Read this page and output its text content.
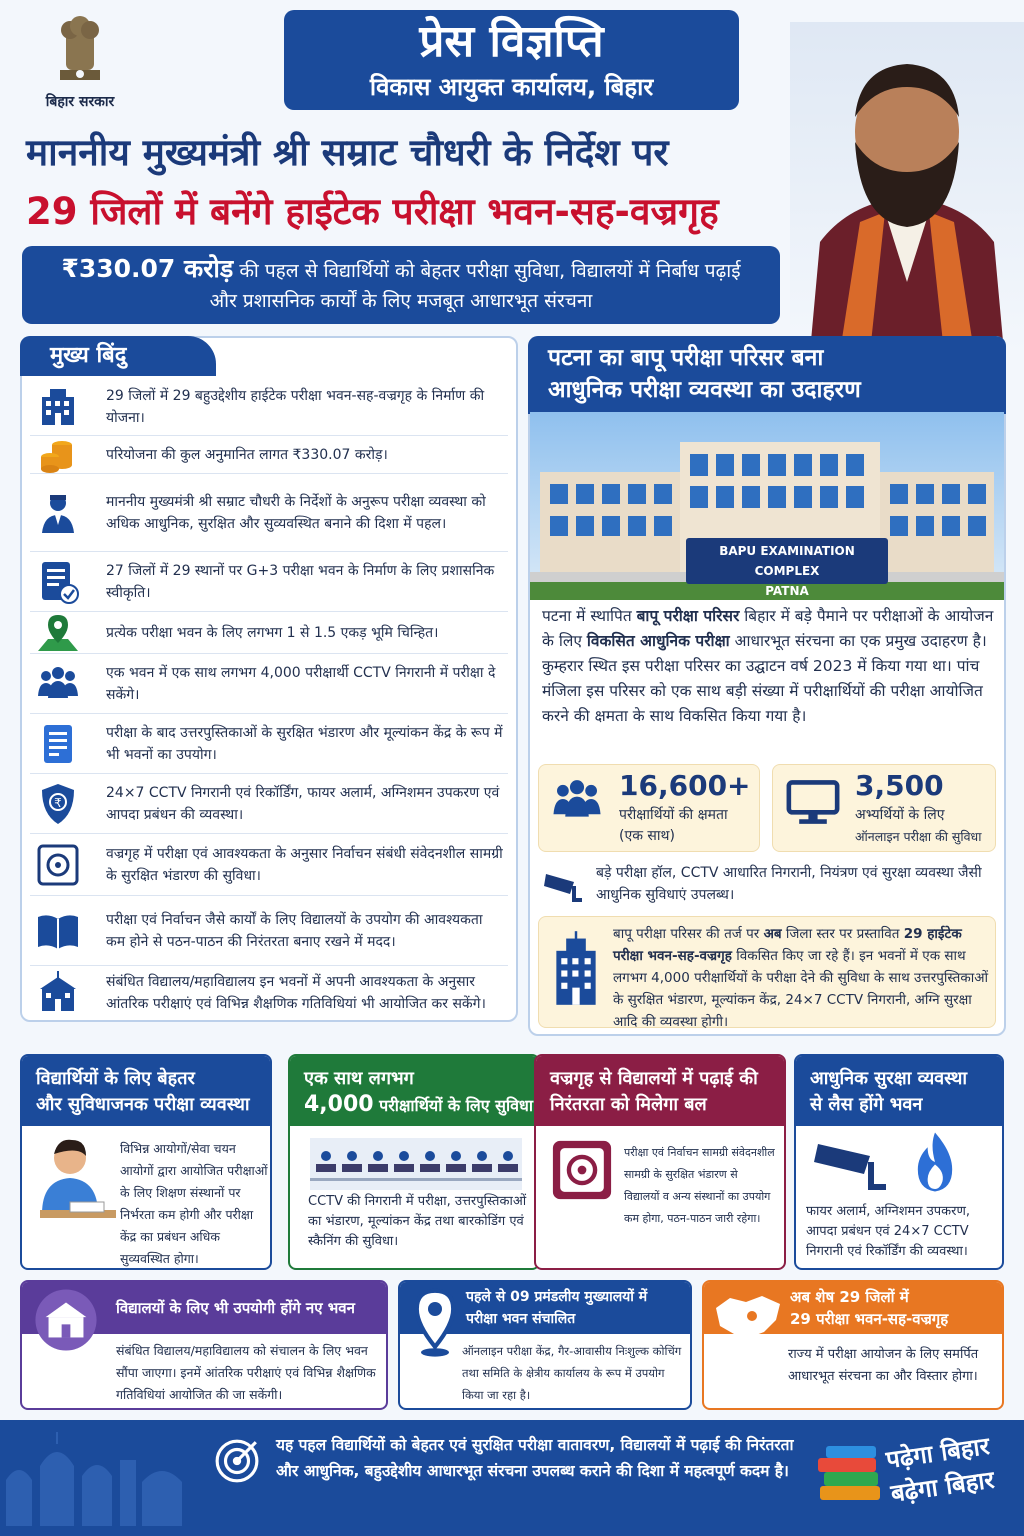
बिहार सरकार
प्रेस विज्ञप्ति
विकास आयुक्त कार्यालय, बिहार
माननीय मुख्यमंत्री श्री सम्राट चौधरी के निर्देश पर
29 जिलों में बनेंगे हाईटेक परीक्षा भवन-सह-वज्रगृह
₹330.07 करोड़ की पहल से विद्यार्थियों को बेहतर परीक्षा सुविधा, विद्यालयों में निर्बाध पढ़ाई
और प्रशासनिक कार्यों के लिए मजबूत आधारभूत संरचना
मुख्य बिंदु
29 जिलों में 29 बहुउद्देशीय हाईटेक परीक्षा भवन-सह-वज्रगृह के निर्माण की योजना।
परियोजना की कुल अनुमानित लागत ₹330.07 करोड़।
माननीय मुख्यमंत्री श्री सम्राट चौधरी के निर्देशों के अनुरूप परीक्षा व्यवस्था को अधिक आधुनिक, सुरक्षित और सुव्यवस्थित बनाने की दिशा में पहल।
27 जिलों में 29 स्थानों पर G+3 परीक्षा भवन के निर्माण के लिए प्रशासनिक स्वीकृति।
प्रत्येक परीक्षा भवन के लिए लगभग 1 से 1.5 एकड़ भूमि चिन्हित।
एक भवन में एक साथ लगभग 4,000 परीक्षार्थी CCTV निगरानी में परीक्षा दे सकेंगे।
परीक्षा के बाद उत्तरपुस्तिकाओं के सुरक्षित भंडारण और मूल्यांकन केंद्र के रूप में भी भवनों का उपयोग।
₹
24×7 CCTV निगरानी एवं रिकॉर्डिंग, फायर अलार्म, अग्निशमन उपकरण एवं आपदा प्रबंधन की व्यवस्था।
वज्रगृह में परीक्षा एवं आवश्यकता के अनुसार निर्वाचन संबंधी संवेदनशील सामग्री के सुरक्षित भंडारण की सुविधा।
परीक्षा एवं निर्वाचन जैसे कार्यों के लिए विद्यालयों के उपयोग की आवश्यकता कम होने से पठन-पाठन की निरंतरता बनाए रखने में मदद।
संबंधित विद्यालय/महाविद्यालय इन भवनों में अपनी आवश्यकता के अनुसार आंतरिक परीक्षाएं एवं विभिन्न शैक्षणिक गतिविधियां भी आयोजित कर सकेंगे।
पटना का बापू परीक्षा परिसर बना
आधुनिक परीक्षा व्यवस्था का उदाहरण
BAPU EXAMINATION COMPLEX
PATNA
पटना में स्थापित बापू परीक्षा परिसर बिहार में बड़े पैमाने पर परीक्षाओं के आयोजन के लिए विकसित आधुनिक परीक्षा आधारभूत संरचना का एक प्रमुख उदाहरण है। कुम्हरार स्थित इस परीक्षा परिसर का उद्घाटन वर्ष 2023 में किया गया था। पांच मंजिला इस परिसर को एक साथ बड़ी संख्या में परीक्षार्थियों की परीक्षा आयोजित करने की क्षमता के साथ विकसित किया गया है।
16,600+
परीक्षार्थियों की क्षमता
(एक साथ)
3,500
अभ्यर्थियों के लिए
ऑनलाइन परीक्षा की सुविधा
बड़े परीक्षा हॉल, CCTV आधारित निगरानी, नियंत्रण एवं सुरक्षा व्यवस्था जैसी आधुनिक सुविधाएं उपलब्ध।
बापू परीक्षा परिसर की तर्ज पर अब जिला स्तर पर प्रस्तावित 29 हाईटेक परीक्षा भवन-सह-वज्रगृह विकसित किए जा रहे हैं। इन भवनों में एक साथ लगभग 4,000 परीक्षार्थियों के परीक्षा देने की सुविधा के साथ उत्तरपुस्तिकाओं के सुरक्षित भंडारण, मूल्यांकन केंद्र, 24×7 CCTV निगरानी, अग्नि सुरक्षा आदि की व्यवस्था होगी।
विद्यार्थियों के लिए बेहतर
और सुविधाजनक परीक्षा व्यवस्था
विभिन्न आयोगों/सेवा चयन आयोगों द्वारा आयोजित परीक्षाओं के लिए शिक्षण संस्थानों पर निर्भरता कम होगी और परीक्षा केंद्र का प्रबंधन अधिक सुव्यवस्थित होगा।
एक साथ लगभग
4,000 परीक्षार्थियों के लिए सुविधा
CCTV की निगरानी में परीक्षा, उत्तरपुस्तिकाओं का भंडारण, मूल्यांकन केंद्र तथा बारकोडिंग एवं स्कैनिंग की सुविधा।
वज्रगृह से विद्यालयों में पढ़ाई की
निरंतरता को मिलेगा बल
परीक्षा एवं निर्वाचन सामग्री संवेदनशील सामग्री के सुरक्षित भंडारण से विद्यालयों व अन्य संस्थानों का उपयोग कम होगा, पठन-पाठन जारी रहेगा।
आधुनिक सुरक्षा व्यवस्था
से लैस होंगे भवन
फायर अलार्म, अग्निशमन उपकरण, आपदा प्रबंधन एवं 24×7 CCTV निगरानी एवं रिकॉर्डिंग की व्यवस्था।
विद्यालयों के लिए भी उपयोगी होंगे नए भवन
संबंधित विद्यालय/महाविद्यालय को संचालन के लिए भवन सौंपा जाएगा। इनमें आंतरिक परीक्षाएं एवं विभिन्न शैक्षणिक गतिविधियां आयोजित की जा सकेंगी।
पहले से 09 प्रमंडलीय मुख्यालयों में
परीक्षा भवन संचालित
ऑनलाइन परीक्षा केंद्र, गैर-आवासीय निःशुल्क कोचिंग तथा समिति के क्षेत्रीय कार्यालय के रूप में उपयोग किया जा रहा है।
अब शेष 29 जिलों में
29 परीक्षा भवन-सह-वज्रगृह
राज्य में परीक्षा आयोजन के लिए समर्पित आधारभूत संरचना का और विस्तार होगा।
यह पहल विद्यार्थियों को बेहतर एवं सुरक्षित परीक्षा वातावरण, विद्यालयों में पढ़ाई की निरंतरता और आधुनिक, बहुउद्देशीय आधारभूत संरचना उपलब्ध कराने की दिशा में महत्वपूर्ण कदम है।	पढ़ेगा बिहार
बढ़ेगा बिहार
